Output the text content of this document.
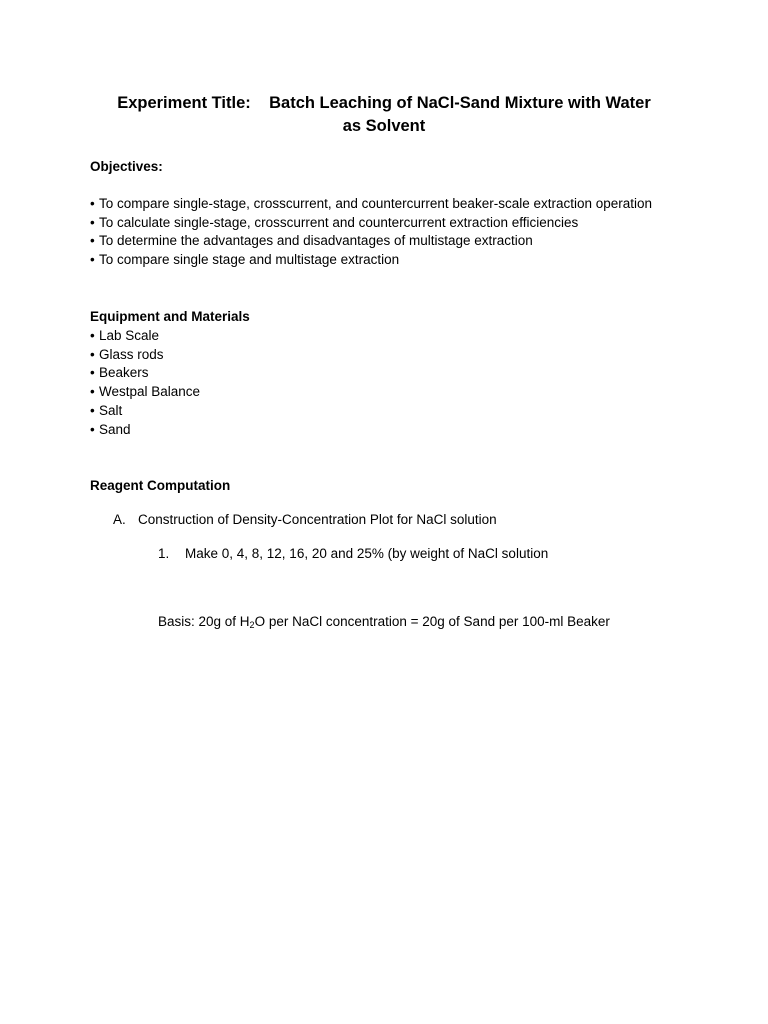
Experiment Title:    Batch Leaching of NaCl-Sand Mixture with Water
as Solvent
Objectives:
• To compare single-stage, crosscurrent, and countercurrent beaker-scale extraction operation
• To calculate single-stage, crosscurrent and countercurrent extraction efficiencies
• To determine the advantages and disadvantages of multistage extraction
• To compare single stage and multistage extraction
Equipment and Materials
• Lab Scale
• Glass rods
• Beakers
• Westpal Balance
• Salt
• Sand
Reagent Computation
A. Construction of Density-Concentration Plot for NaCl solution
1. Make 0, 4, 8, 12, 16, 20 and 25% (by weight of NaCl solution
Basis: 20g of $H_2O$ per NaCl concentration = 20g of Sand per 100-ml Beaker
